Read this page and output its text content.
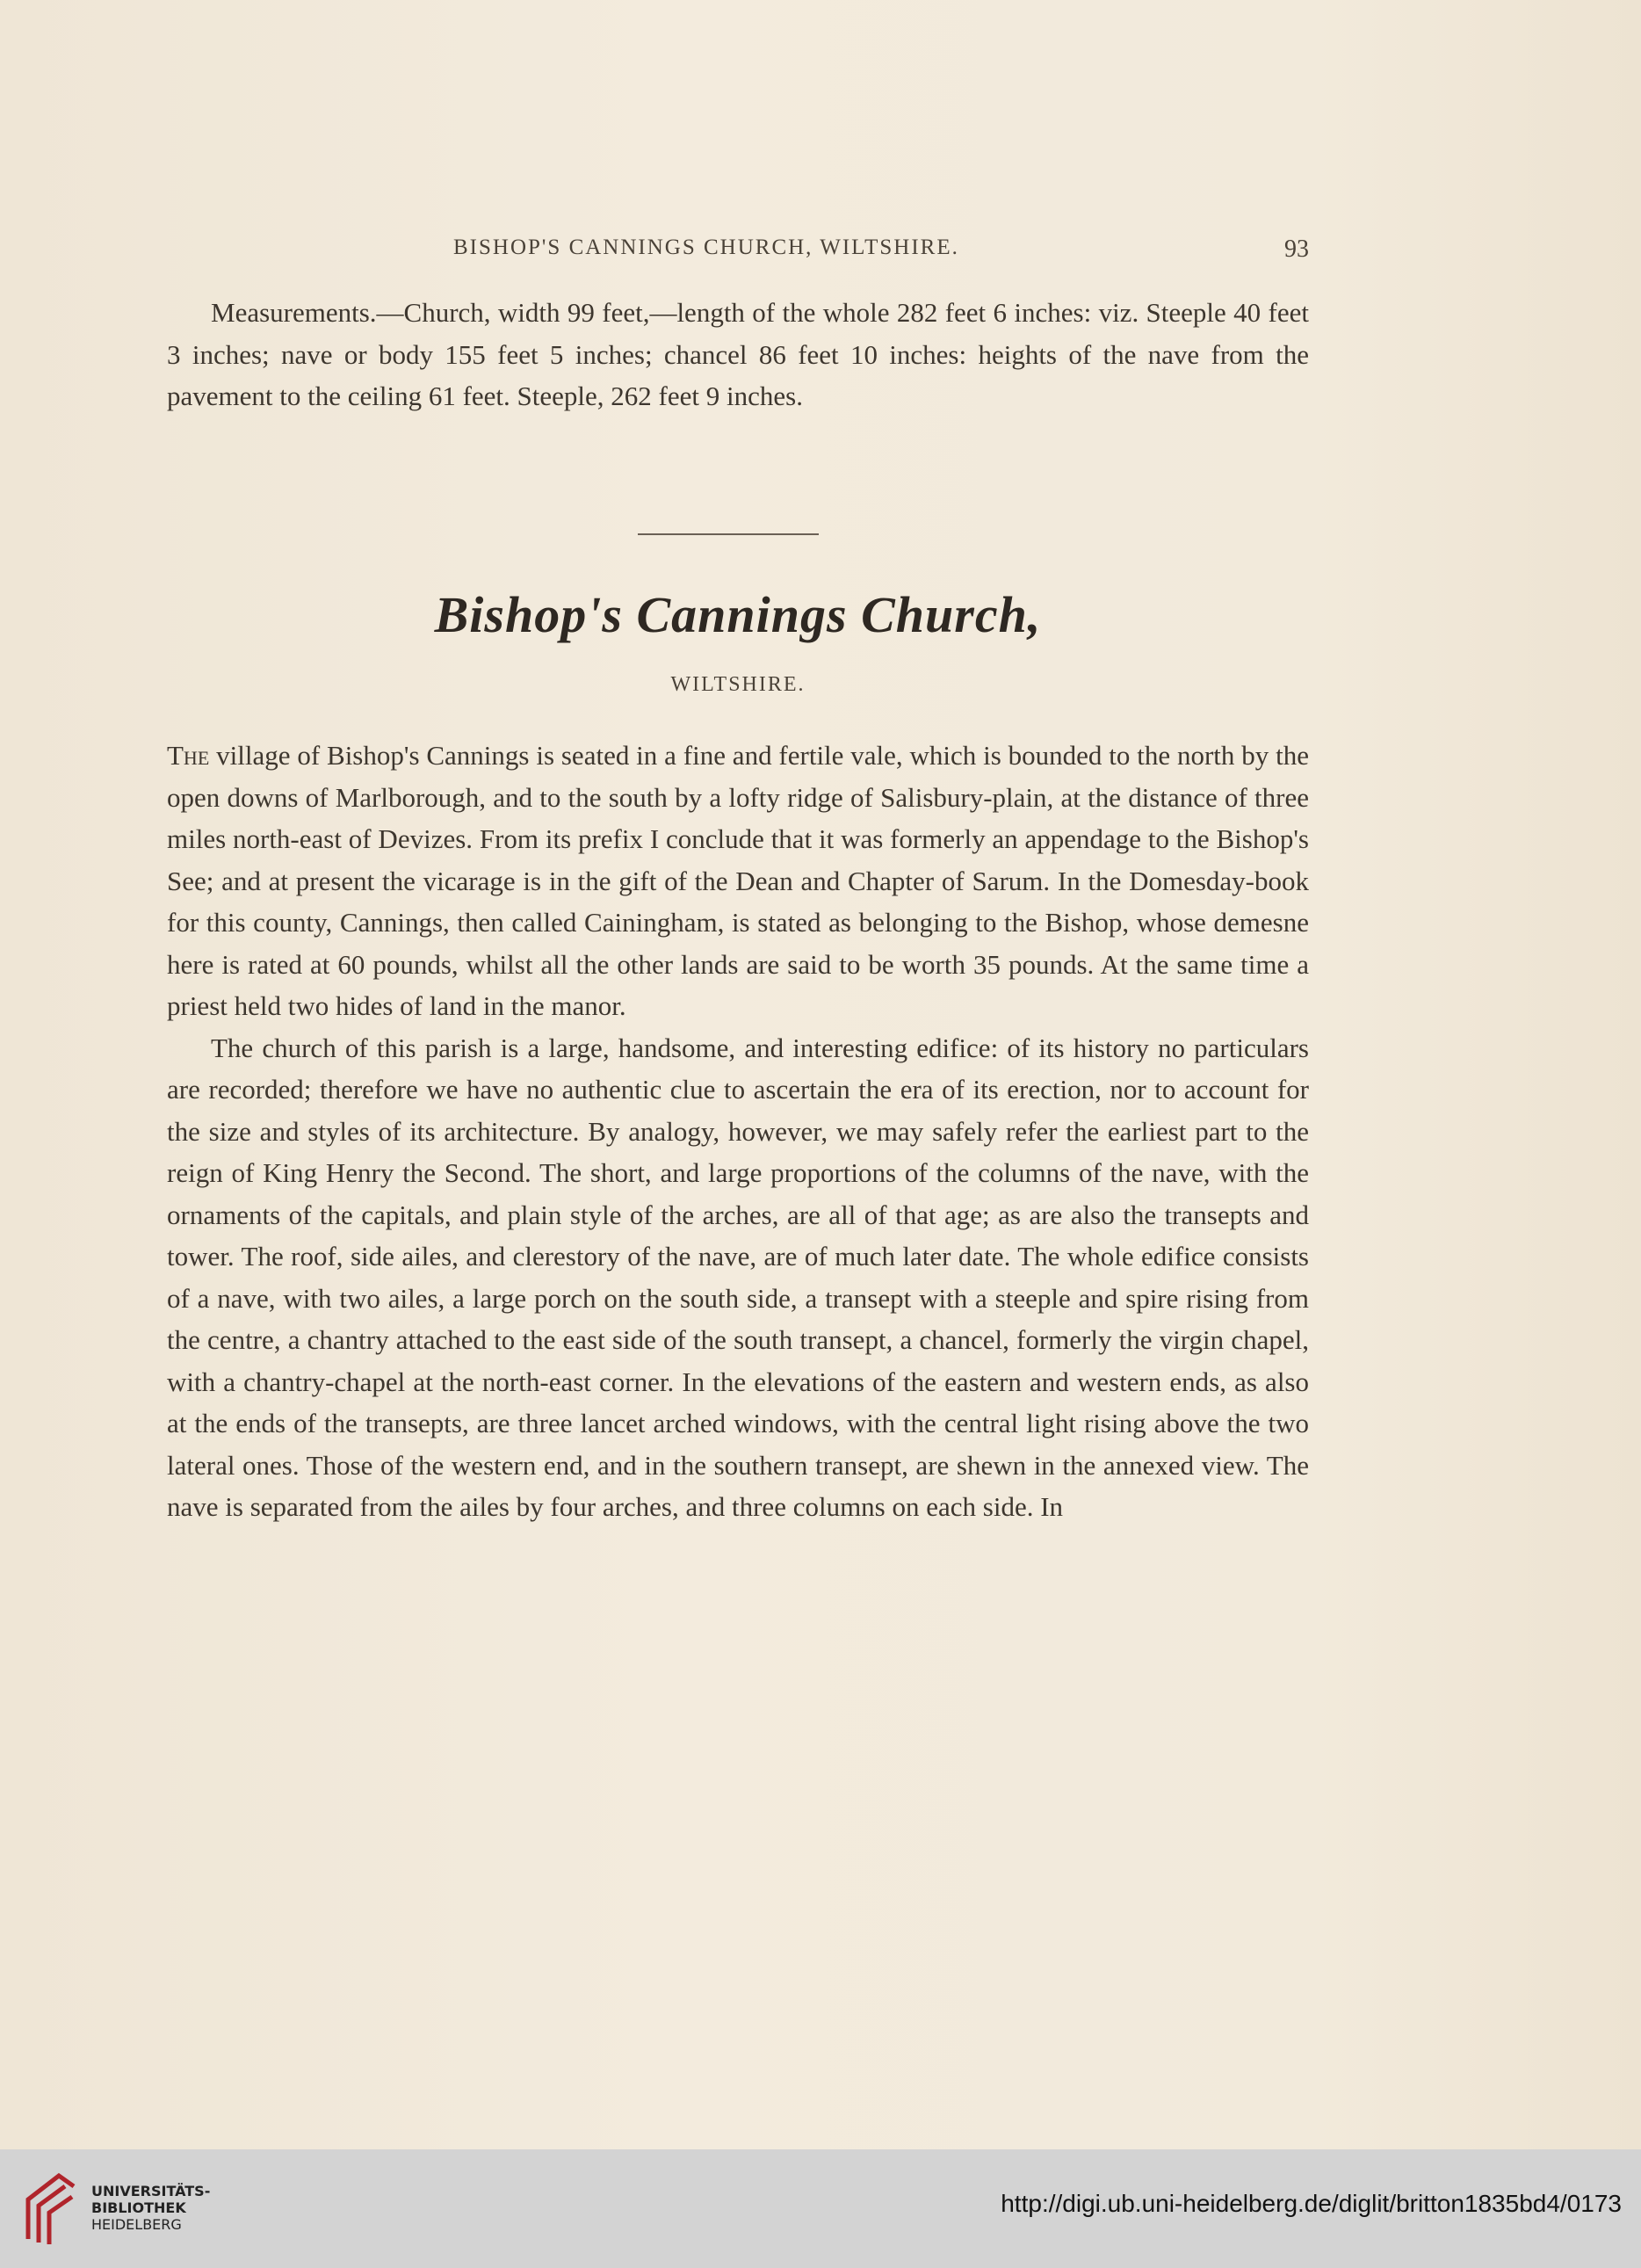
BISHOP'S CANNINGS CHURCH, WILTSHIRE.	93

Measurements.—Church, width 99 feet,—length of the whole 282 feet 6 inches: viz. Steeple 40 feet 3 inches; nave or body 155 feet 5 inches; chancel 86 feet 10 inches: heights of the nave from the pavement to the ceiling 61 feet. Steeple, 262 feet 9 inches.

Bishop's Cannings Church,
WILTSHIRE.

The village of Bishop's Cannings is seated in a fine and fertile vale, which is bounded to the north by the open downs of Marlborough, and to the south by a lofty ridge of Salisbury-plain, at the distance of three miles north-east of Devizes. From its prefix I conclude that it was formerly an appendage to the Bishop's See; and at present the vicarage is in the gift of the Dean and Chapter of Sarum. In the Domesday-book for this county, Cannings, then called Cainingham, is stated as belonging to the Bishop, whose demesne here is rated at 60 pounds, whilst all the other lands are said to be worth 35 pounds. At the same time a priest held two hides of land in the manor.

The church of this parish is a large, handsome, and interesting edifice: of its history no particulars are recorded; therefore we have no authentic clue to ascertain the era of its erection, nor to account for the size and styles of its architecture. By analogy, however, we may safely refer the earliest part to the reign of King Henry the Second. The short, and large proportions of the columns of the nave, with the ornaments of the capitals, and plain style of the arches, are all of that age; as are also the transepts and tower. The roof, side ailes, and clerestory of the nave, are of much later date. The whole edifice consists of a nave, with two ailes, a large porch on the south side, a transept with a steeple and spire rising from the centre, a chantry attached to the east side of the south transept, a chancel, formerly the virgin chapel, with a chantry-chapel at the north-east corner. In the elevations of the eastern and western ends, as also at the ends of the transepts, are three lancet arched windows, with the central light rising above the two lateral ones. Those of the western end, and in the southern transept, are shewn in the annexed view. The nave is separated from the ailes by four arches, and three columns on each side. In

UNIVERSITÄTS-
BIBLIOTHEK
HEIDELBERG
http://digi.ub.uni-heidelberg.de/diglit/britton1835bd4/0173
